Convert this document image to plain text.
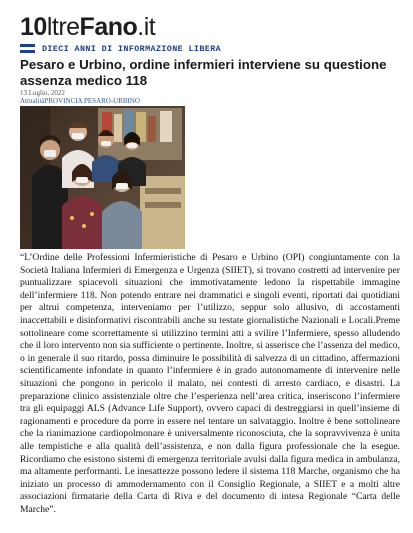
10 ltre Fano .it
DIECI ANNI DI INFORMAZIONE LIBERA
Pesaro e Urbino, ordine infermieri interviene su questione assenza medico 118
13 Luglio, 2022
AttualitàPROVINCIA PESARO-URBINO
“L’Ordine delle Professioni Infermieristiche di Pesaro e Urbino (OPI) congiuntamente con la Società Italiana Infermieri di Emergenza e Urgenza (SIIET), si trovano costretti ad intervenire per puntualizzare spiacevoli situazioni che immotivatamente ledono la rispettabile immagine dell’infermiere 118. Non potendo entrare nei drammatici e singoli eventi, riportati dai quotidiani per altrui competenza, interveniamo per l’utilizzo, seppur solo allusivo, di accostamenti inaccettabili e disinformativi riscontrabili anche su testate giornalistiche Nazionali e Locali.Preme sottolineare come scorrettamente si utilizzino termini atti a svilire l’Infermiere, spesso alludendo che il loro intervento non sia sufficiente o pertinente. Inoltre, si asserisce che l’assenza del medico, o in generale il suo ritardo, possa diminuire le possibilità di salvezza di un cittadino, affermazioni scientificamente infondate in quanto l’infermiere è in grado autonomamente di intervenire nelle situazioni che pongono in pericolo il malato, nei contesti di arresto cardiaco, e disastri. La preparazione clinico assistenziale oltre che l’esperienza nell’area critica, inseriscono l’infermiere tra gli equipaggi ALS (Advance Life Support), ovvero capaci di destreggiarsi in quell’insieme di ragionamenti e procedure da porre in essere nel tentare un salvataggio. Inoltre è bene sottolineare che la rianimazione cardiopolmonare è universalmente riconosciuta, che la sopravvivenza è unita alle tempistiche e alla qualità dell’assistenza, e non dalla figura professionale che la esegue. Ricordiamo che esistono sistemi di emergenza territoriale avulsi dalla figura medica in ambulanza, ma altamente performanti. Le inesattezze possono ledere il sistema 118 Marche, organismo che ha iniziato un processo di ammodernamento con il Consiglio Regionale, a SIIET e a molti altre associazioni firmatarie della Carta di Riva e del documento di intesa Regionale “Carta delle Marche”.
